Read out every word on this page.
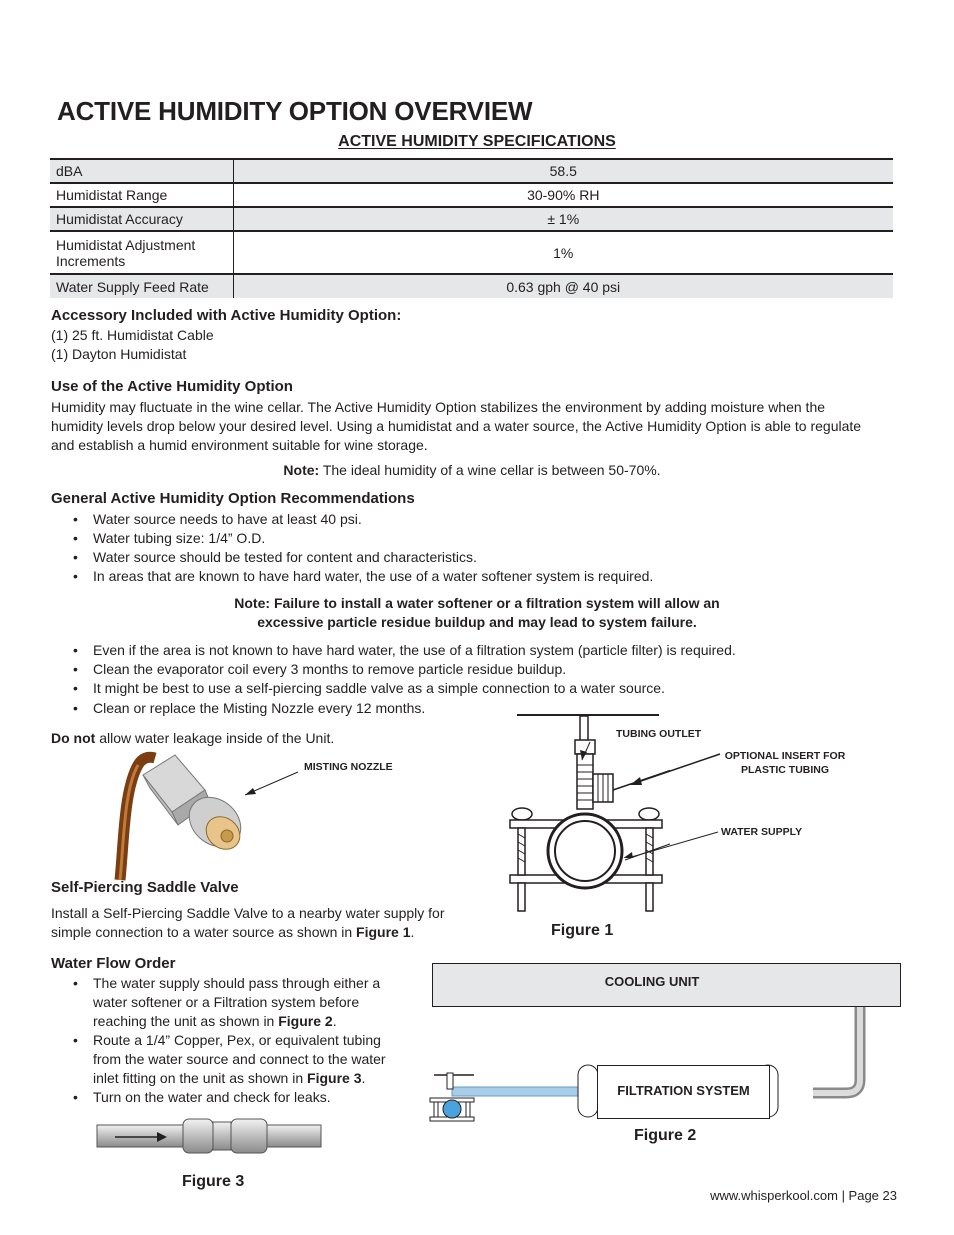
ACTIVE HUMIDITY OPTION OVERVIEW
ACTIVE HUMIDITY SPECIFICATIONS
dBA	58.5
Humidistat Range	30-90% RH
Humidistat Accuracy	± 1%
Humidistat Adjustment Increments	1%
Water Supply Feed Rate	0.63 gph @ 40 psi
Accessory Included with Active Humidity Option:
(1) 25 ft. Humidistat Cable
(1) Dayton Humidistat
Use of the Active Humidity Option
Humidity may fluctuate in the wine cellar. The Active Humidity Option stabilizes the environment by adding moisture when the humidity levels drop below your desired level. Using a humidistat and a water source, the Active Humidity Option is able to regulate and establish a humid environment suitable for wine storage.
Note: The ideal humidity of a wine cellar is between 50-70%.
General Active Humidity Option Recommendations
• Water source needs to have at least 40 psi.
• Water tubing size: 1/4” O.D.
• Water source should be tested for content and characteristics.
• In areas that are known to have hard water, the use of a water softener system is required.
Note: Failure to install a water softener or a filtration system will allow an
excessive particle residue buildup and may lead to system failure.
• Even if the area is not known to have hard water, the use of a filtration system (particle filter) is required.
• Clean the evaporator coil every 3 months to remove particle residue buildup.
• It might be best to use a self-piercing saddle valve as a simple connection to a water source.
• Clean or replace the Misting Nozzle every 12 months.
Do not allow water leakage inside of the Unit.
MISTING NOZZLE
TUBING OUTLET
OPTIONAL INSERT FOR
PLASTIC TUBING
WATER SUPPLY
Figure 1
Self-Piercing Saddle Valve
Install a Self-Piercing Saddle Valve to a nearby water supply for simple connection to a water source as shown in Figure 1.
Water Flow Order
• The water supply should pass through either a water softener or a Filtration system before reaching the unit as shown in Figure 2.
• Route a 1/4” Copper, Pex, or equivalent tubing from the water source and connect to the water inlet fitting on the unit as shown in Figure 3.
• Turn on the water and check for leaks.
Figure 3
COOLING UNIT
FILTRATION SYSTEM
Figure 2
www.whisperkool.com | Page 23
